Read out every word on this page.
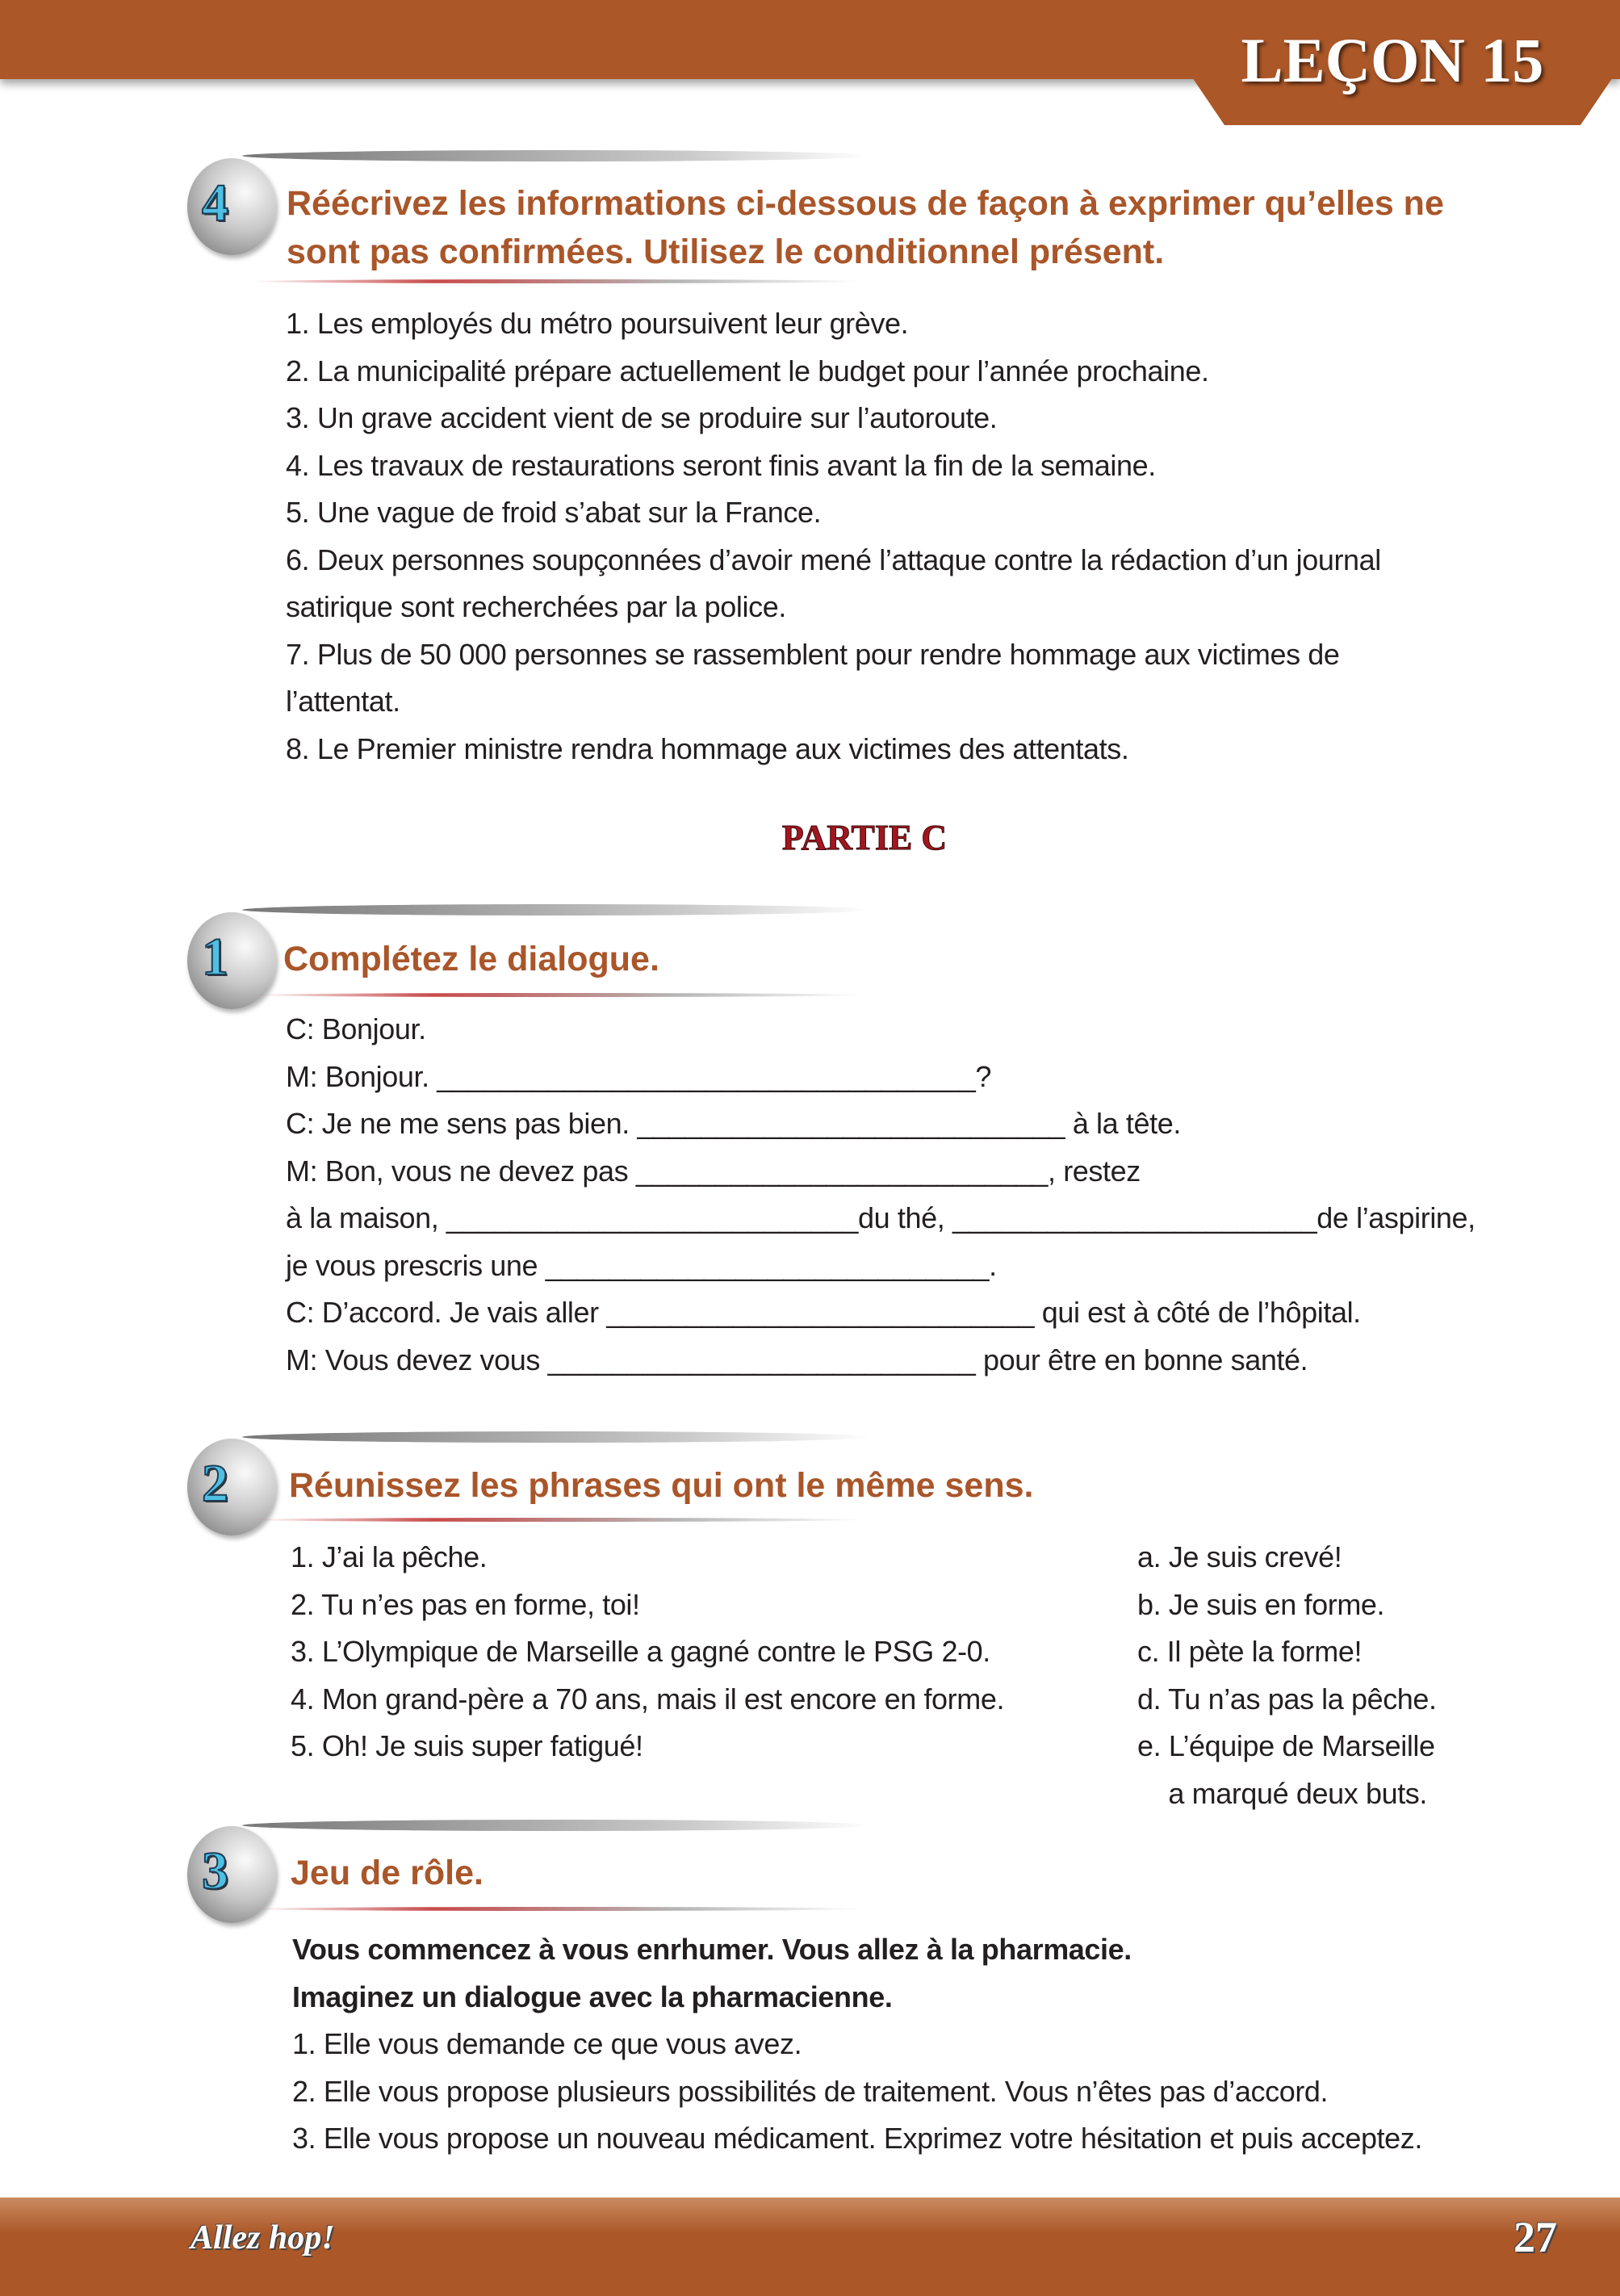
LEÇON 15
4 Réécrivez les informations ci-dessous de façon à exprimer qu’elles ne
sont pas confirmées. Utilisez le conditionnel présent.
1. Les employés du métro poursuivent leur grève.
2. La municipalité prépare actuellement le budget pour l’année prochaine.
3. Un grave accident vient de se produire sur l’autoroute.
4. Les travaux de restaurations seront finis avant la fin de la semaine.
5. Une vague de froid s’abat sur la France.
6. Deux personnes soupçonnées d’avoir mené l’attaque contre la rédaction d’un journal
satirique sont recherchées par la police.
7. Plus de 50 000 personnes se rassemblent pour rendre hommage aux victimes de
l’attentat.
8. Le Premier ministre rendra hommage aux victimes des attentats.
PARTIE C
1 Complétez le dialogue.
C: Bonjour.
M: Bonjour. __________________________________?
C: Je ne me sens pas bien. ___________________________ à la tête.
M: Bon, vous ne devez pas __________________________, restez
à la maison, __________________________du thé, _______________________de l’aspirine,
je vous prescris une ____________________________.
C: D’accord. Je vais aller ___________________________ qui est à côté de l’hôpital.
M: Vous devez vous ___________________________ pour être en bonne santé.
2 Réunissez les phrases qui ont le même sens.
1. J’ai la pêche.
2. Tu n’es pas en forme, toi!
3. L’Olympique de Marseille a gagné contre le PSG 2-0.
4. Mon grand-père a 70 ans, mais il est encore en forme.
5. Oh! Je suis super fatigué!
a. Je suis crevé!
b. Je suis en forme.
c. Il pète la forme!
d. Tu n’as pas la pêche.
e. L’équipe de Marseille
a marqué deux buts.
3 Jeu de rôle.
Vous commencez à vous enrhumer. Vous allez à la pharmacie.
Imaginez un dialogue avec la pharmacienne.
1. Elle vous demande ce que vous avez.
2. Elle vous propose plusieurs possibilités de traitement. Vous n’êtes pas d’accord.
3. Elle vous propose un nouveau médicament. Exprimez votre hésitation et puis acceptez.
Allez hop!	27
